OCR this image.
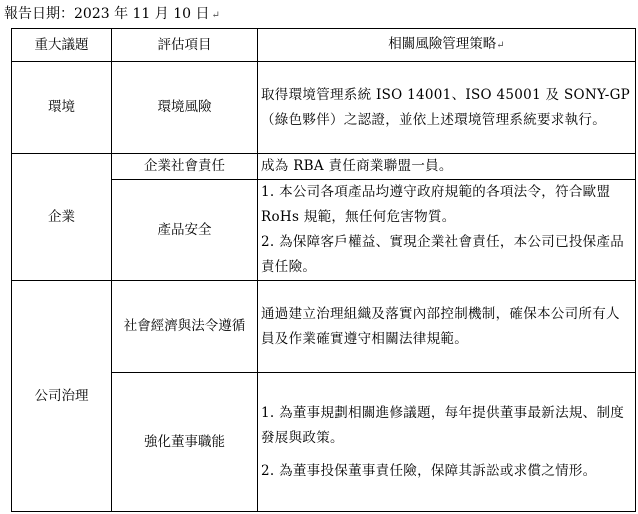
報告日期：2023 年 11 月 10 日 ↵
重大議題	評估項目	相關風險管理策略↵
環境	環境風險	取得環境管理系統 ISO 14001、ISO 45001 及 SONY-GP（綠色夥伴）之認證，並依上述環境管理系統要求執行。
企業	企業社會責任	成為 RBA 責任商業聯盟一員。
	產品安全	1. 本公司各項產品均遵守政府規範的各項法令，符合歐盟 RoHs 規範，無任何危害物質。
2. 為保障客戶權益、實現企業社會責任，本公司已投保產品責任險。

公司治理	社會經濟與法令遵循	通過建立治理組織及落實內部控制機制，確保本公司所有人員及作業確實遵守相關法律規範。
	強化董事職能	1. 為董事規劃相關進修議題，每年提供董事最新法規、制度發展與政策。
2. 為董事投保董事責任險，保障其訴訟或求償之情形。
